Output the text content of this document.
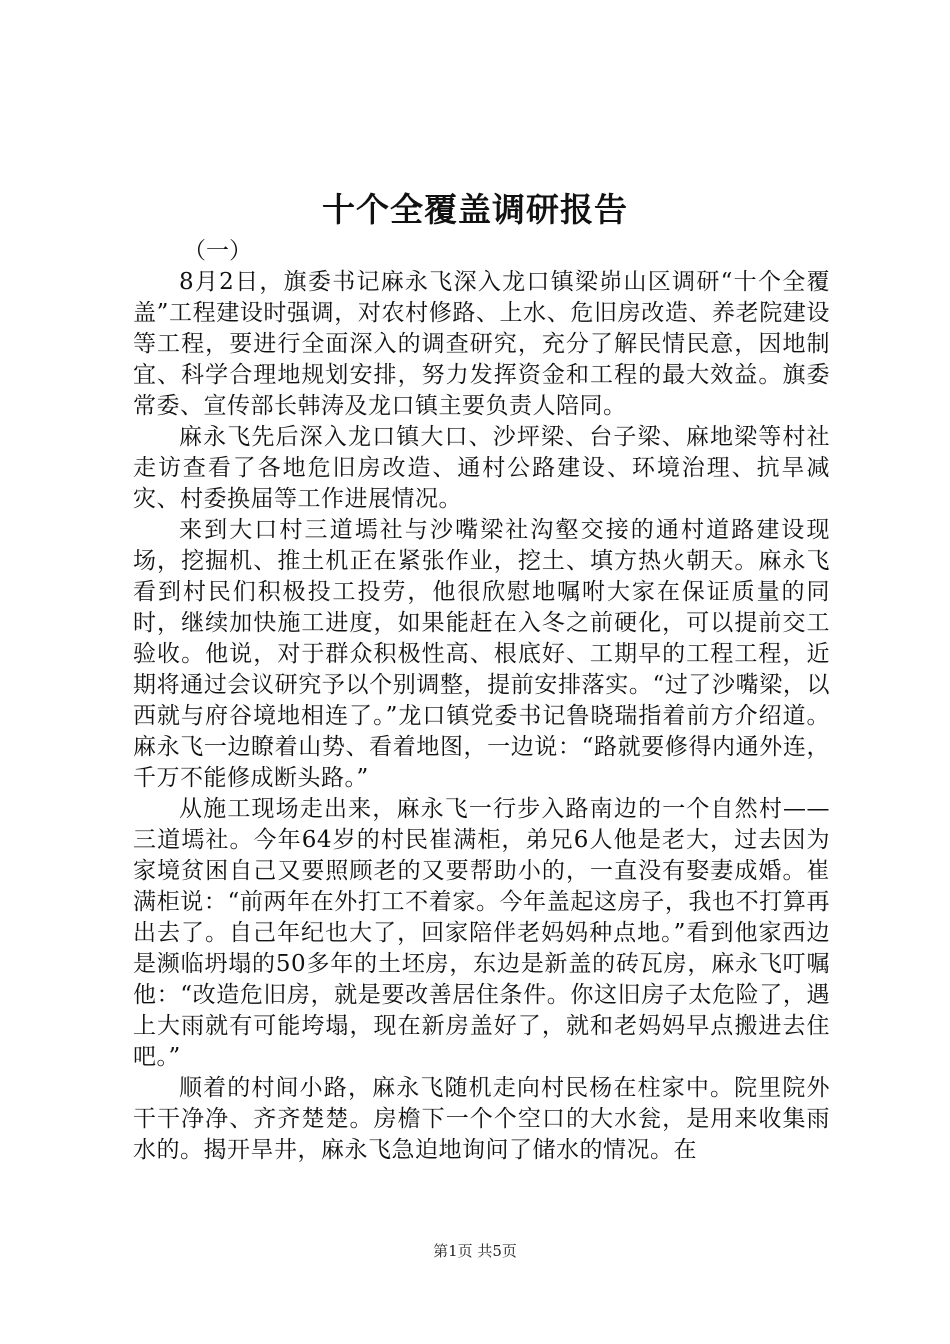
十个全覆盖调研报告

（一）

8月2日，旗委书记麻永飞深入龙口镇梁峁山区调研“十个全覆盖”工程建设时强调，对农村修路、上水、危旧房改造、养老院建设等工程，要进行全面深入的调查研究，充分了解民情民意，因地制宜、科学合理地规划安排，努力发挥资金和工程的最大效益。旗委常委、宣传部长韩涛及龙口镇主要负责人陪同。

麻永飞先后深入龙口镇大口、沙坪梁、台子梁、麻地梁等村社走访查看了各地危旧房改造、通村公路建设、环境治理、抗旱减灾、村委换届等工作进展情况。

来到大口村三道墕社与沙嘴梁社沟壑交接的通村道路建设现场，挖掘机、推土机正在紧张作业，挖土、填方热火朝天。麻永飞看到村民们积极投工投劳，他很欣慰地嘱咐大家在保证质量的同时，继续加快施工进度，如果能赶在入冬之前硬化，可以提前交工验收。他说，对于群众积极性高、根底好、工期早的工程工程，近期将通过会议研究予以个别调整，提前安排落实。“过了沙嘴梁，以西就与府谷境地相连了。”龙口镇党委书记鲁晓瑞指着前方介绍道。麻永飞一边瞭着山势、看着地图，一边说：“路就要修得内通外连，千万不能修成断头路。”

从施工现场走出来，麻永飞一行步入路南边的一个自然村——三道墕社。今年64岁的村民崔满柜，弟兄6人他是老大，过去因为家境贫困自己又要照顾老的又要帮助小的，一直没有娶妻成婚。崔满柜说：“前两年在外打工不着家。今年盖起这房子，我也不打算再出去了。自己年纪也大了，回家陪伴老妈妈种点地。”看到他家西边是濒临坍塌的50多年的土坯房，东边是新盖的砖瓦房，麻永飞叮嘱他：“改造危旧房，就是要改善居住条件。你这旧房子太危险了，遇上大雨就有可能垮塌，现在新房盖好了，就和老妈妈早点搬进去住吧。”

顺着的村间小路，麻永飞随机走向村民杨在柱家中。院里院外干干净净、齐齐楚楚。房檐下一个个空口的大水瓮，是用来收集雨水的。揭开旱井，麻永飞急迫地询问了储水的情况。在

第1页 共5页
